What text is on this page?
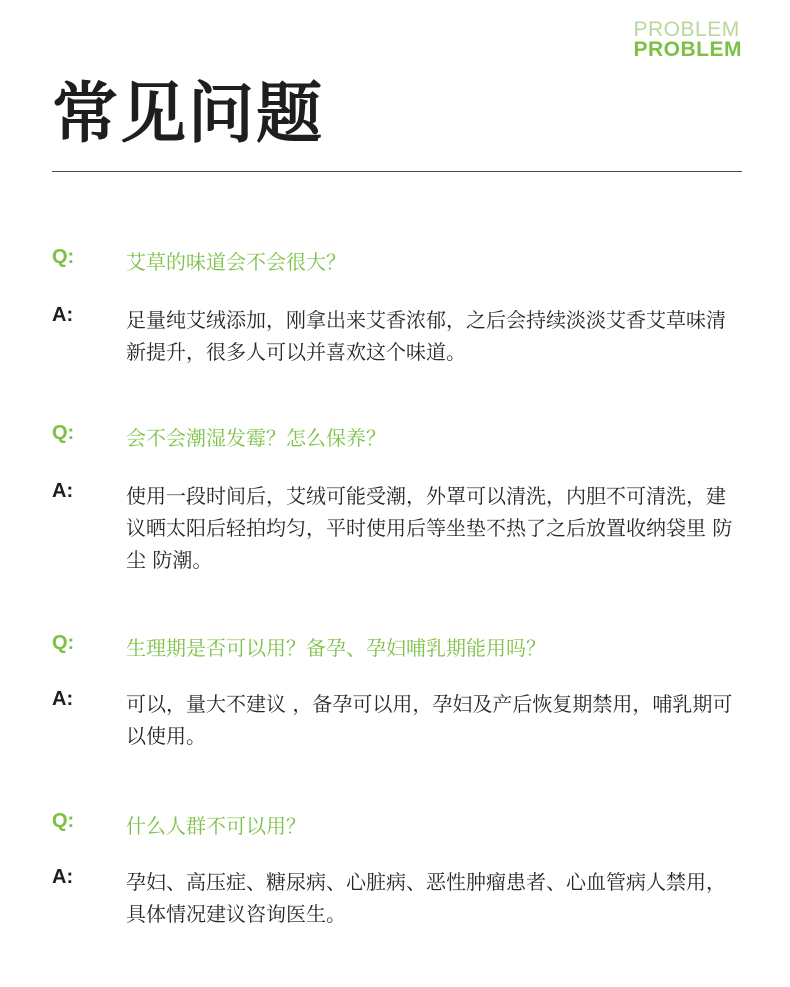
PROBLEM
PROBLEM
常见问题
Q:	艾草的味道会不会很大？
A:	足量纯艾绒添加，刚拿出来艾香浓郁，之后会持续淡淡艾香艾草味清新提升，很多人可以并喜欢这个味道。
Q:	会不会潮湿发霉？怎么保养？
A:	使用一段时间后，艾绒可能受潮，外罩可以清洗，内胆不可清洗，建议晒太阳后轻拍均匀，平时使用后等坐垫不热了之后放置收纳袋里 防尘 防潮。
Q:	生理期是否可以用？备孕、孕妇哺乳期能用吗？
A:	可以，量大不建议 ，备孕可以用，孕妇及产后恢复期禁用，哺乳期可以使用。
Q:	什么人群不可以用？
A:	孕妇、高压症、糖尿病、心脏病、恶性肿瘤患者、心血管病人禁用，具体情况建议咨询医生。
